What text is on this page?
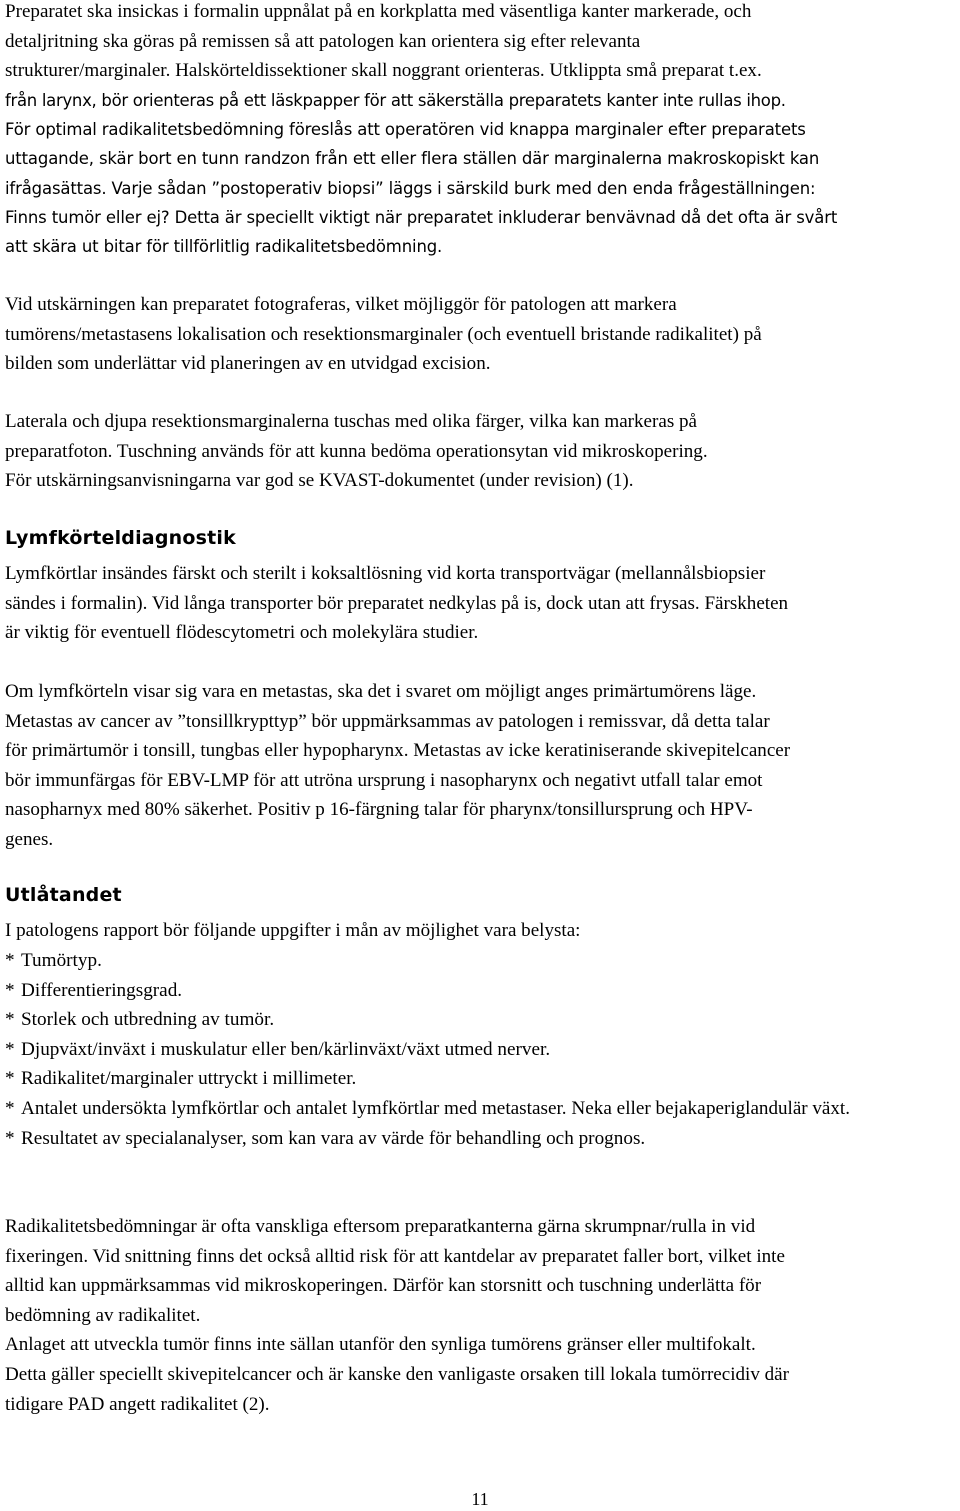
Preparatet ska insickas i formalin uppnålat på en korkplatta med väsentliga kanter markerade, och
detaljritning ska göras på remissen så att patologen kan orientera sig efter relevanta
strukturer/marginaler. Halskörteldissektioner skall noggrant orienteras. Utklippta små preparat t.ex.
från larynx, bör orienteras på ett läskpapper för att säkerställa preparatets kanter inte rullas ihop.
För optimal radikalitetsbedömning föreslås att operatören vid knappa marginaler efter preparatets
uttagande, skär bort en tunn randzon från ett eller flera ställen där marginalerna makroskopiskt kan
ifrågasättas. Varje sådan ”postoperativ biopsi” läggs i särskild burk med den enda frågeställningen:
Finns tumör eller ej? Detta är speciellt viktigt när preparatet inkluderar benvävnad då det ofta är svårt
att skära ut bitar för tillförlitlig radikalitetsbedömning.
Vid utskärningen kan preparatet fotograferas, vilket möjliggör för patologen att markera
tumörens/metastasens lokalisation och resektionsmarginaler (och eventuell bristande radikalitet) på
bilden som underlättar vid planeringen av en utvidgad excision.
Laterala och djupa resektionsmarginalerna tuschas med olika färger, vilka kan markeras på
preparatfoton. Tuschning används för att kunna bedöma operationsytan vid mikroskopering.
För utskärningsanvisningarna var god se KVAST-dokumentet (under revision) (1).
Lymfkörteldiagnostik
Lymfkörtlar insändes färskt och sterilt i koksaltlösning vid korta transportvägar (mellannålsbiopsier
sändes i formalin). Vid långa transporter bör preparatet nedkylas på is, dock utan att frysas. Färskheten
är viktig för eventuell flödescytometri och molekylära studier.
Om lymfkörteln visar sig vara en metastas, ska det i svaret om möjligt anges primärtumörens läge.
Metastas av cancer av ”tonsillkrypttyp” bör uppmärksammas av patologen i remissvar, då detta talar
för primärtumör i tonsill, tungbas eller hypopharynx. Metastas av icke keratiniserande skivepitelcancer
bör immunfärgas för EBV-LMP för att utröna ursprung i nasopharynx och negativt utfall talar emot
nasopharnyx med 80% säkerhet. Positiv p 16-färgning talar för pharynx/tonsillursprung och HPV-
genes.
Utlåtandet
I patologens rapport bör följande uppgifter i mån av möjlighet vara belysta:
* Tumörtyp.
* Differentieringsgrad.
* Storlek och utbredning av tumör.
* Djupväxt/inväxt i muskulatur eller ben/kärlinväxt/växt utmed nerver.
* Radikalitet/marginaler uttryckt i millimeter.
* Antalet undersökta lymfkörtlar och antalet lymfkörtlar med metastaser. Neka eller bejakaperiglandulär växt.
* Resultatet av specialanalyser, som kan vara av värde för behandling och prognos.
Radikalitetsbedömningar är ofta vanskliga eftersom preparatkanterna gärna skrumpnar/rulla in vid
fixeringen. Vid snittning finns det också alltid risk för att kantdelar av preparatet faller bort, vilket inte
alltid kan uppmärksammas vid mikroskoperingen. Därför kan storsnitt och tuschning underlätta för
bedömning av radikalitet.
Anlaget att utveckla tumör finns inte sällan utanför den synliga tumörens gränser eller multifokalt.
Detta gäller speciellt skivepitelcancer och är kanske den vanligaste orsaken till lokala tumörrecidiv där
tidigare PAD angett radikalitet (2).
11
